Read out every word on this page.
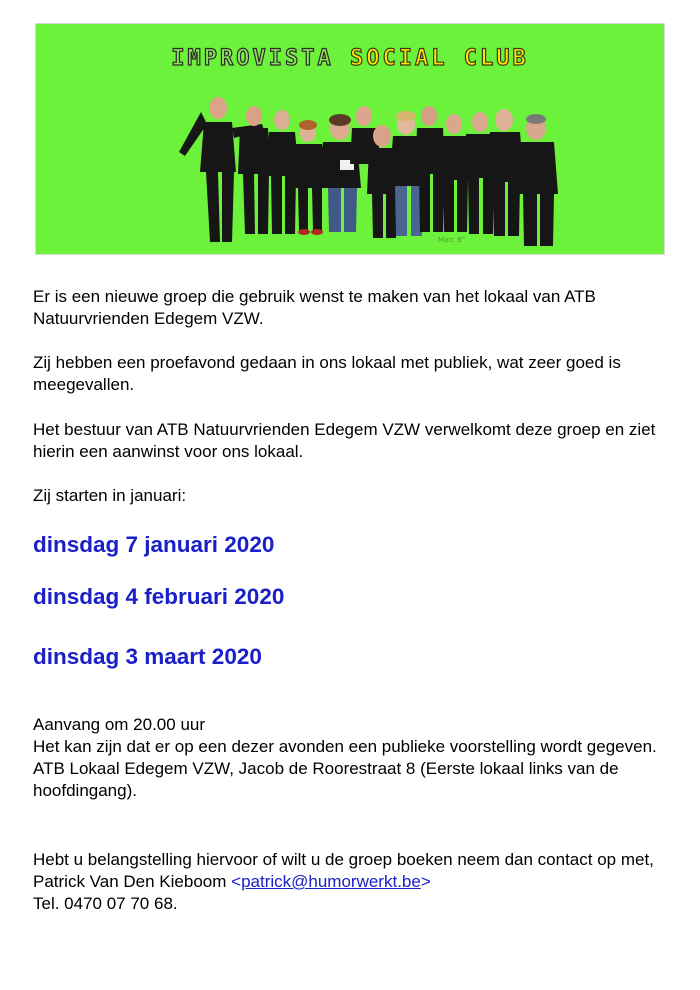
IMPROVISTA SOCIAL CLUB
Marc B°

Er is een nieuwe groep die gebruik wenst te maken van het lokaal van ATB Natuurvrienden Edegem VZW.

Zij hebben een proefavond gedaan in ons lokaal met publiek, wat zeer goed is meegevallen.

Het bestuur van ATB Natuurvrienden Edegem VZW verwelkomt deze groep en ziet hierin een aanwinst voor ons lokaal.

Zij starten in januari:

dinsdag 7 januari 2020

dinsdag 4 februari 2020

dinsdag 3 maart 2020

Aanvang om 20.00 uur

Het kan zijn dat er op een dezer avonden een publieke voorstelling wordt gegeven.

ATB Lokaal Edegem VZW, Jacob de Roorestraat 8 (Eerste lokaal links van de hoofdingang).

Hebt u belangstelling hiervoor of wilt u de groep boeken neem dan contact op met,

Patrick Van Den Kieboom <patrick@humorwerkt.be>

Tel. 0470 07 70 68.
